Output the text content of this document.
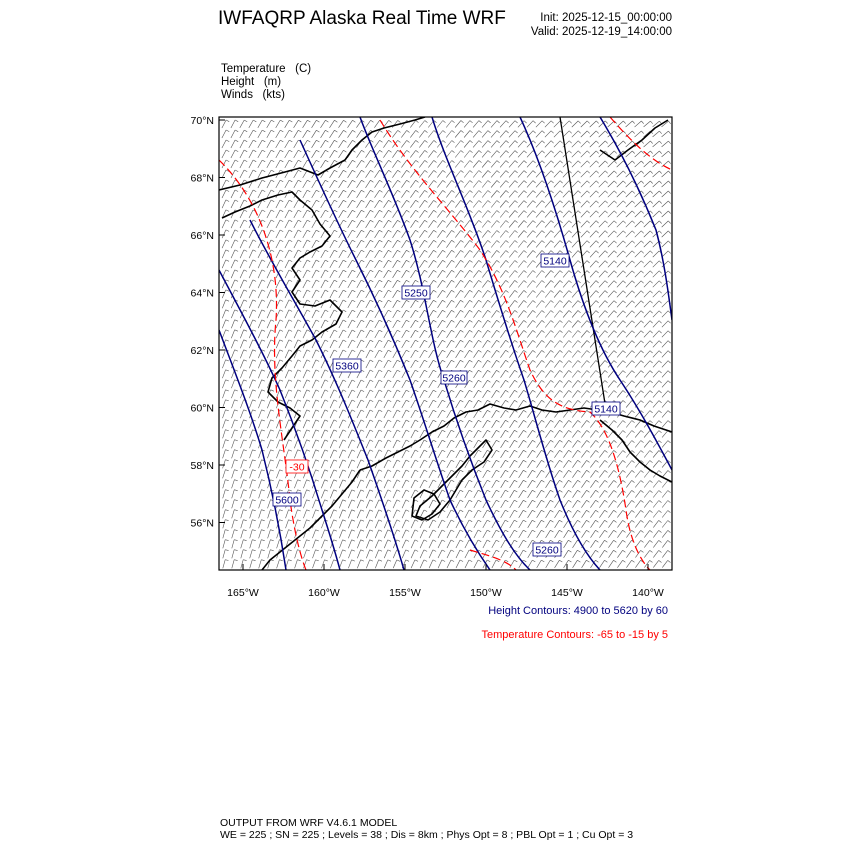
IWFAQRP Alaska Real Time WRF	Init: 2025-12-15_00:00:00
Valid: 2025-12-19_14:00:00
Temperature (C)
Height (m)
Winds (kts)
5140
5250
5360
5260
5140
5600
5260
-30
70°N
68°N
66°N
64°N
62°N
60°N
58°N
56°N
165°W	160°W	155°W	150°W	145°W	140°W
Height Contours: 4900 to 5620 by 60
Temperature Contours: -65 to -15 by 5
OUTPUT FROM WRF V4.6.1 MODEL
WE = 225 ; SN = 225 ; Levels = 38 ; Dis = 8km ; Phys Opt = 8 ; PBL Opt = 1 ; Cu Opt = 3
